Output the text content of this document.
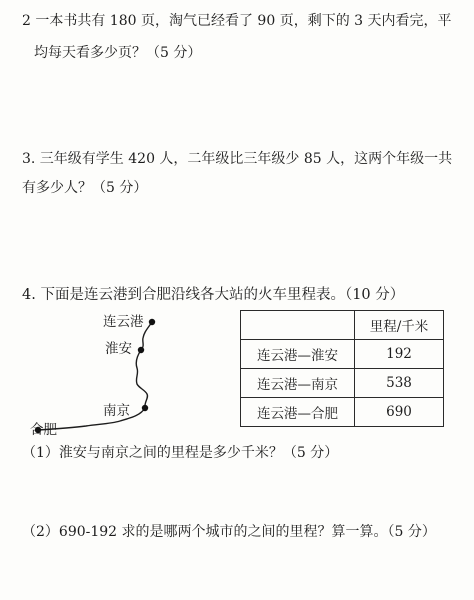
2 一本书共有 180 页，淘气已经看了 90 页，剩下的 3 天内看完，平
均每天看多少页？（5 分）
3. 三年级有学生 420 人，二年级比三年级少 85 人，这两个年级一共
有多少人？（5 分）
4. 下面是连云港到合肥沿线各大站的火车里程表。（10 分）
连云港
淮安
南京
合肥
	里程/千米
连云港—淮安	192
连云港—南京	538
连云港—合肥	690
（1）淮安与南京之间的里程是多少千米？（5 分）
（2）690-192 求的是哪两个城市的之间的里程？算一算。（5 分）
